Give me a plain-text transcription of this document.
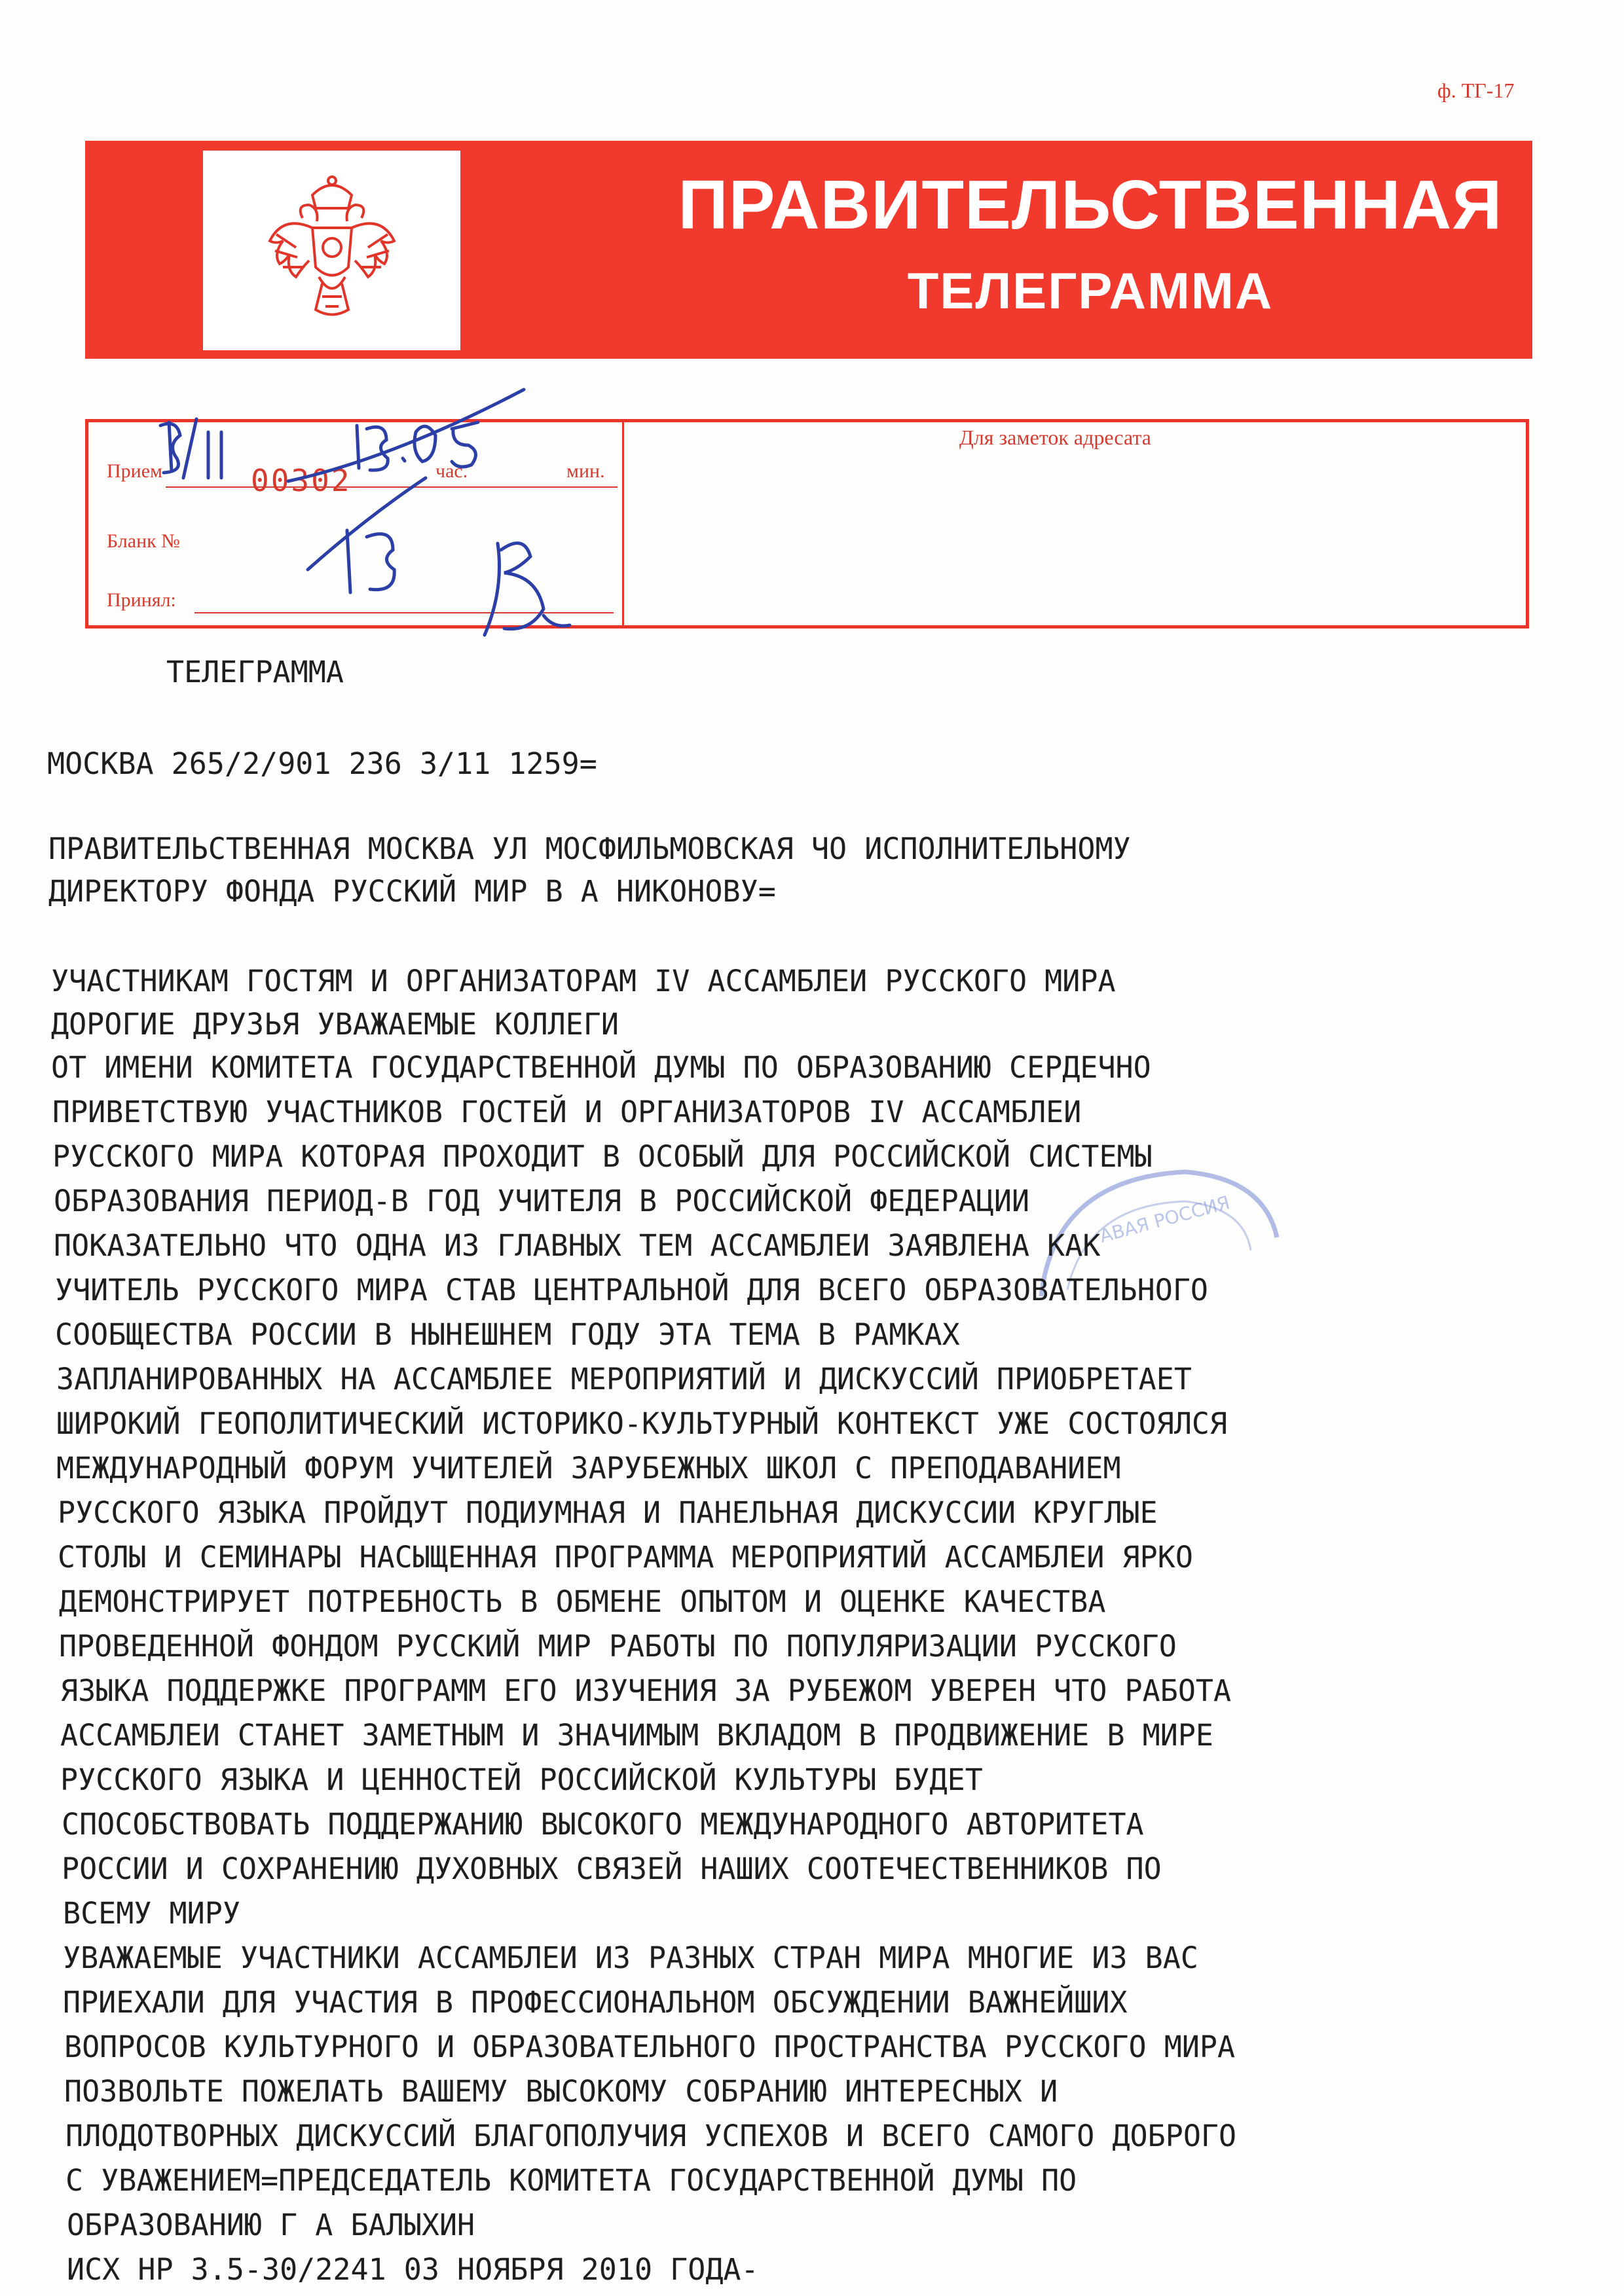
ф. ТГ-17
ПРАВИТЕЛЬСТВЕННАЯ
ТЕЛЕГРАММА
Прием	00302	час.	мин.
Бланк №
Принял:
Для заметок адресата
АВАЯ РОССИЯ

ТЕЛЕГРАММА

МОСКВА 265/2/901 236 3/11 1259=

ПРАВИТЕЛЬСТВЕННАЯ МОСКВА УЛ МОСФИЛЬМОВСКАЯ ЧО ИСПОЛНИТЕЛЬНОМУ

ДИРЕКТОРУ ФОНДА РУССКИЙ МИР В А НИКОНОВУ=

УЧАСТНИКАМ ГОСТЯМ И ОРГАНИЗАТОРАМ IV АССАМБЛЕИ РУССКОГО МИРА

ДОРОГИЕ ДРУЗЬЯ УВАЖАЕМЫЕ КОЛЛЕГИ

ОТ ИМЕНИ КОМИТЕТА ГОСУДАРСТВЕННОЙ ДУМЫ ПО ОБРАЗОВАНИЮ СЕРДЕЧНО

ПРИВЕТСТВУЮ УЧАСТНИКОВ ГОСТЕЙ И ОРГАНИЗАТОРОВ IV АССАМБЛЕИ

РУССКОГО МИРА КОТОРАЯ ПРОХОДИТ В ОСОБЫЙ ДЛЯ РОССИЙСКОЙ СИСТЕМЫ

ОБРАЗОВАНИЯ ПЕРИОД-В ГОД УЧИТЕЛЯ В РОССИЙСКОЙ ФЕДЕРАЦИИ

ПОКАЗАТЕЛЬНО ЧТО ОДНА ИЗ ГЛАВНЫХ ТЕМ АССАМБЛЕИ ЗАЯВЛЕНА КАК

УЧИТЕЛЬ РУССКОГО МИРА СТАВ ЦЕНТРАЛЬНОЙ ДЛЯ ВСЕГО ОБРАЗОВАТЕЛЬНОГО

СООБЩЕСТВА РОССИИ В НЫНЕШНЕМ ГОДУ ЭТА ТЕМА В РАМКАХ

ЗАПЛАНИРОВАННЫХ НА АССАМБЛЕЕ МЕРОПРИЯТИЙ И ДИСКУССИЙ ПРИОБРЕТАЕТ

ШИРОКИЙ ГЕОПОЛИТИЧЕСКИЙ ИСТОРИКО-КУЛЬТУРНЫЙ КОНТЕКСТ УЖЕ СОСТОЯЛСЯ

МЕЖДУНАРОДНЫЙ ФОРУМ УЧИТЕЛЕЙ ЗАРУБЕЖНЫХ ШКОЛ С ПРЕПОДАВАНИЕМ

РУССКОГО ЯЗЫКА ПРОЙДУТ ПОДИУМНАЯ И ПАНЕЛЬНАЯ ДИСКУССИИ КРУГЛЫЕ

СТОЛЫ И СЕМИНАРЫ НАСЫЩЕННАЯ ПРОГРАММА МЕРОПРИЯТИЙ АССАМБЛЕИ ЯРКО

ДЕМОНСТРИРУЕТ ПОТРЕБНОСТЬ В ОБМЕНЕ ОПЫТОМ И ОЦЕНКЕ КАЧЕСТВА

ПРОВЕДЕННОЙ ФОНДОМ РУССКИЙ МИР РАБОТЫ ПО ПОПУЛЯРИЗАЦИИ РУССКОГО

ЯЗЫКА ПОДДЕРЖКЕ ПРОГРАММ ЕГО ИЗУЧЕНИЯ ЗА РУБЕЖОМ УВЕРЕН ЧТО РАБОТА

АССАМБЛЕИ СТАНЕТ ЗАМЕТНЫМ И ЗНАЧИМЫМ ВКЛАДОМ В ПРОДВИЖЕНИЕ В МИРЕ

РУССКОГО ЯЗЫКА И ЦЕННОСТЕЙ РОССИЙСКОЙ КУЛЬТУРЫ БУДЕТ

СПОСОБСТВОВАТЬ ПОДДЕРЖАНИЮ ВЫСОКОГО МЕЖДУНАРОДНОГО АВТОРИТЕТА

РОССИИ И СОХРАНЕНИЮ ДУХОВНЫХ СВЯЗЕЙ НАШИХ СООТЕЧЕСТВЕННИКОВ ПО

ВСЕМУ МИРУ

УВАЖАЕМЫЕ УЧАСТНИКИ АССАМБЛЕИ ИЗ РАЗНЫХ СТРАН МИРА МНОГИЕ ИЗ ВАС

ПРИЕХАЛИ ДЛЯ УЧАСТИЯ В ПРОФЕССИОНАЛЬНОМ ОБСУЖДЕНИИ ВАЖНЕЙШИХ

ВОПРОСОВ КУЛЬТУРНОГО И ОБРАЗОВАТЕЛЬНОГО ПРОСТРАНСТВА РУССКОГО МИРА

ПОЗВОЛЬТЕ ПОЖЕЛАТЬ ВАШЕМУ ВЫСОКОМУ СОБРАНИЮ ИНТЕРЕСНЫХ И

ПЛОДОТВОРНЫХ ДИСКУССИЙ БЛАГОПОЛУЧИЯ УСПЕХОВ И ВСЕГО САМОГО ДОБРОГО

С УВАЖЕНИЕМ=ПРЕДСЕДАТЕЛЬ КОМИТЕТА ГОСУДАРСТВЕННОЙ ДУМЫ ПО

ОБРАЗОВАНИЮ Г А БАЛЫХИН

ИСХ НР 3.5-30/2241 03 НОЯБРЯ 2010 ГОДА-
